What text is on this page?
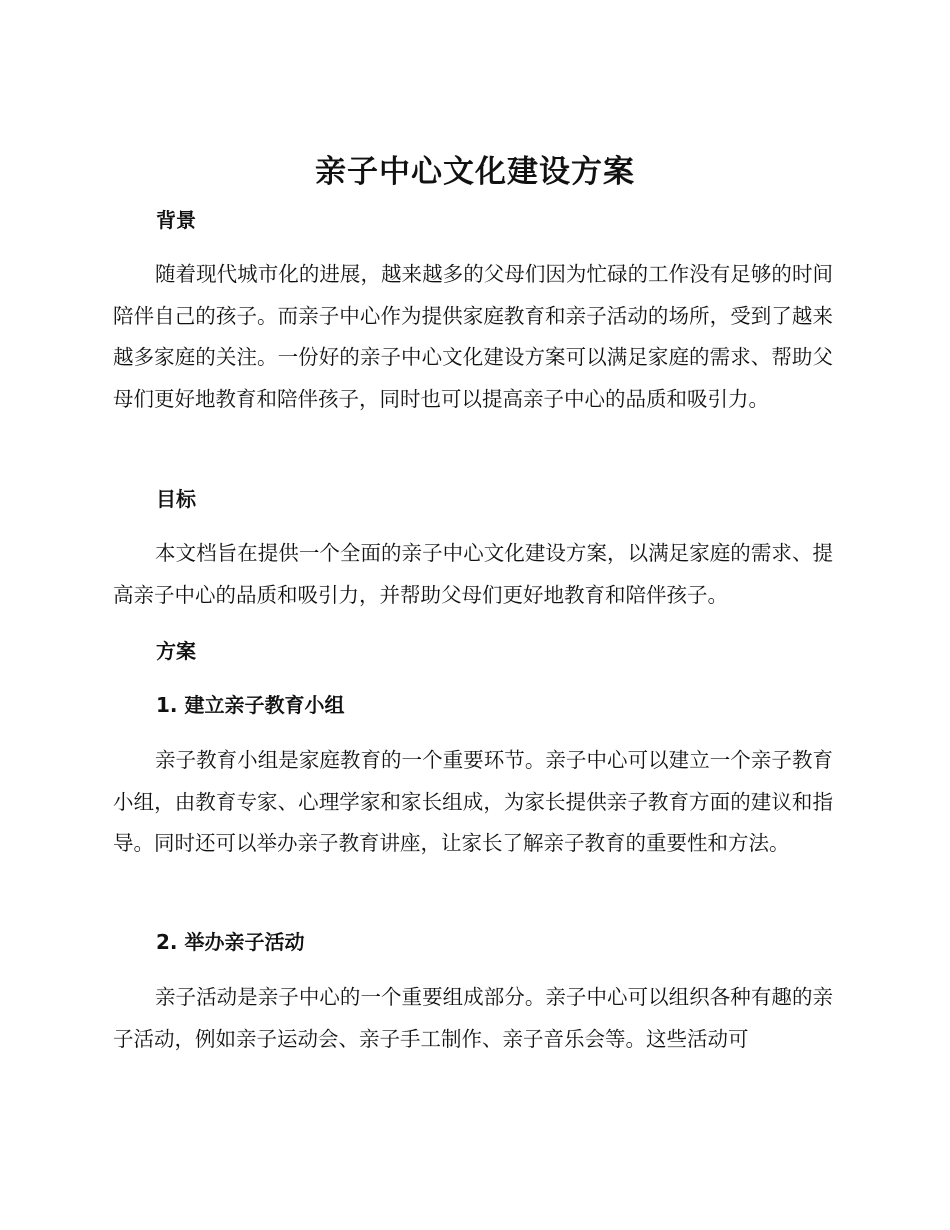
亲子中心文化建设方案
背景

随着现代城市化的进展，越来越多的父母们因为忙碌的工作没有足够的时间陪伴自己的孩子。而亲子中心作为提供家庭教育和亲子活动的场所，受到了越来越多家庭的关注。一份好的亲子中心文化建设方案可以满足家庭的需求、帮助父母们更好地教育和陪伴孩子，同时也可以提高亲子中心的品质和吸引力。

目标

本文档旨在提供一个全面的亲子中心文化建设方案，以满足家庭的需求、提高亲子中心的品质和吸引力，并帮助父母们更好地教育和陪伴孩子。

方案
1. 建立亲子教育小组

亲子教育小组是家庭教育的一个重要环节。亲子中心可以建立一个亲子教育小组，由教育专家、心理学家和家长组成，为家长提供亲子教育方面的建议和指导。同时还可以举办亲子教育讲座，让家长了解亲子教育的重要性和方法。

2. 举办亲子活动

亲子活动是亲子中心的一个重要组成部分。亲子中心可以组织各种有趣的亲子活动，例如亲子运动会、亲子手工制作、亲子音乐会等。这些活动可
